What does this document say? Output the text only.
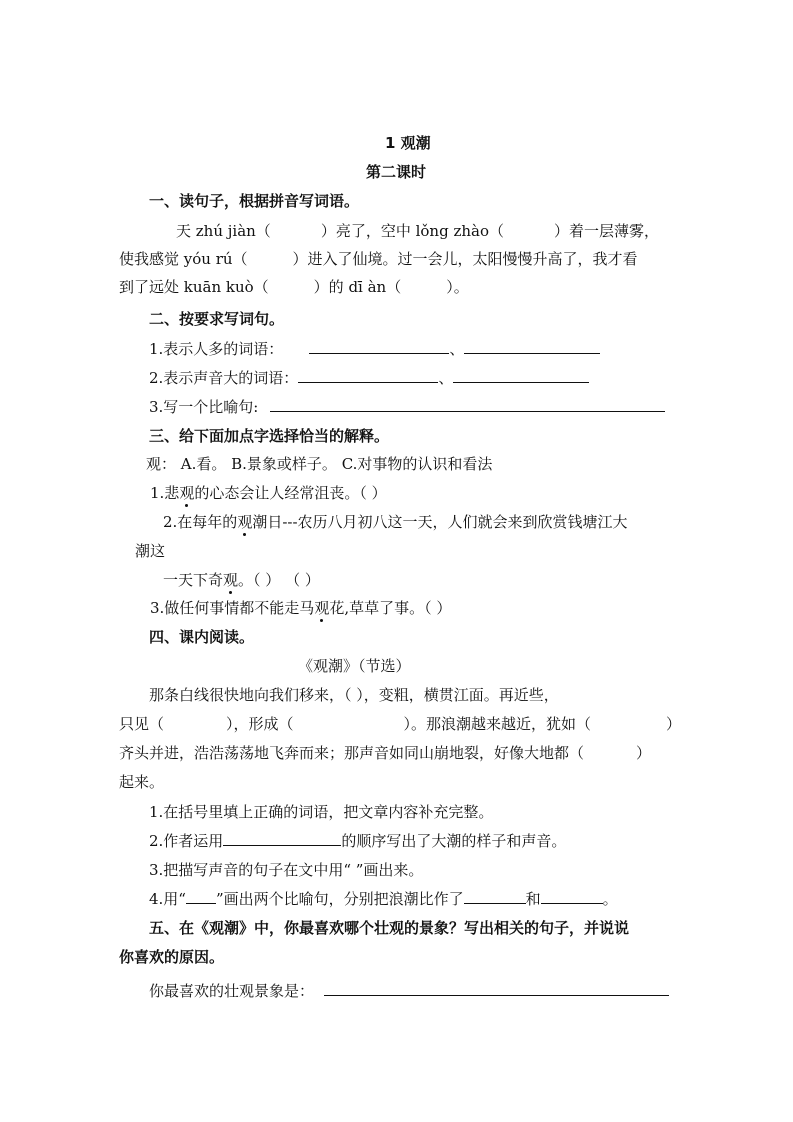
1 观潮
第二课时
一、读句子，根据拼音写词语。
天 zhú jiàn（	）亮了，空中 lǒng zhào（	）着一层薄雾，
使我感觉 yóu rú（	）进入了仙境。过一会儿，太阳慢慢升高了，我才看
到了远处 kuān kuò（	）的 dī àn（	）。
二、按要求写词句。
1.表示人多的词语：	、
2.表示声音大的词语：	、
3.写一个比喻句:
三、给下面加点字选择恰当的解释。
观： A.看。 B.景象或样子。 C.对事物的认识和看法
1.悲观的心态会让人经常沮丧。（ ）
2.在每年的观潮日---农历八月初八这一天，人们就会来到欣赏钱塘江大
潮这
一天下奇观。（ ） （ ）
3.做任何事情都不能走马观花,草草了事。（ ）
四、课内阅读。
《观潮》（节选）
那条白线很快地向我们移来，（ ），变粗，横贯江面。再近些，
只见（	），形成（	）。那浪潮越来越近，犹如（	）
齐头并进，浩浩荡荡地飞奔而来；那声音如同山崩地裂，好像大地都（	）
起来。
1.在括号里填上正确的词语，把文章内容补充完整。
2.作者运用	的顺序写出了大潮的样子和声音。
3.把描写声音的句子在文中用“ ”画出来。
4.用“ ”画出两个比喻句，分别把浪潮比作了	和	。
五、在《观潮》中，你最喜欢哪个壮观的景象？写出相关的句子，并说说
你喜欢的原因。
你最喜欢的壮观景象是：
